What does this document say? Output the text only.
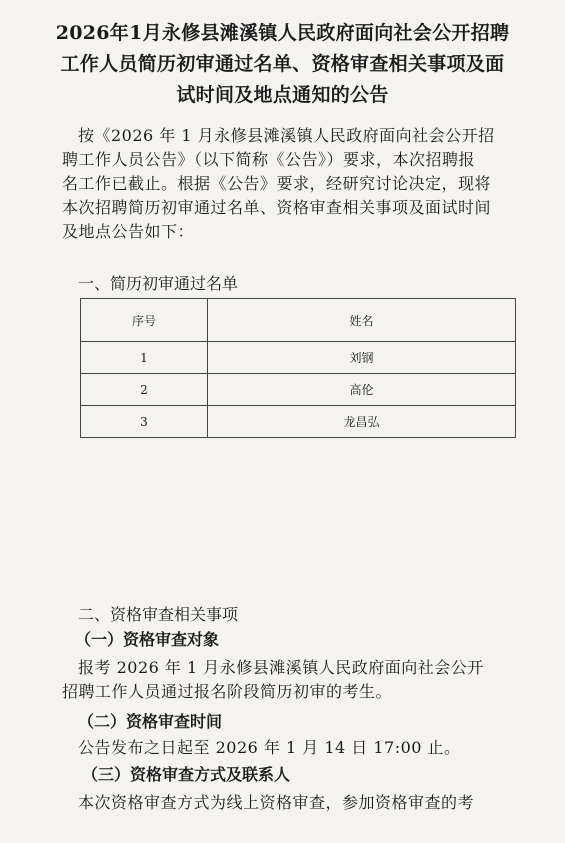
2026年1月永修县滩溪镇人民政府面向社会公开招聘
工作人员简历初审通过名单、资格审查相关事项及面
试时间及地点通知的公告
按《2026 年 1 月永修县滩溪镇人民政府面向社会公开招
聘工作人员公告》（以下简称《公告》）要求，本次招聘报
名工作已截止。根据《公告》要求，经研究讨论决定，现将
本次招聘简历初审通过名单、资格审查相关事项及面试时间
及地点公告如下：
一、简历初审通过名单
序号	姓名
1	刘钢
2	高伦
3	龙昌弘
二、资格审查相关事项
（一）资格审查对象
报考 2026 年 1 月永修县滩溪镇人民政府面向社会公开
招聘工作人员通过报名阶段简历初审的考生。
（二）资格审查时间
公告发布之日起至 2026 年 1 月 14 日 17:00 止。
（三）资格审查方式及联系人
本次资格审查方式为线上资格审查，参加资格审查的考
